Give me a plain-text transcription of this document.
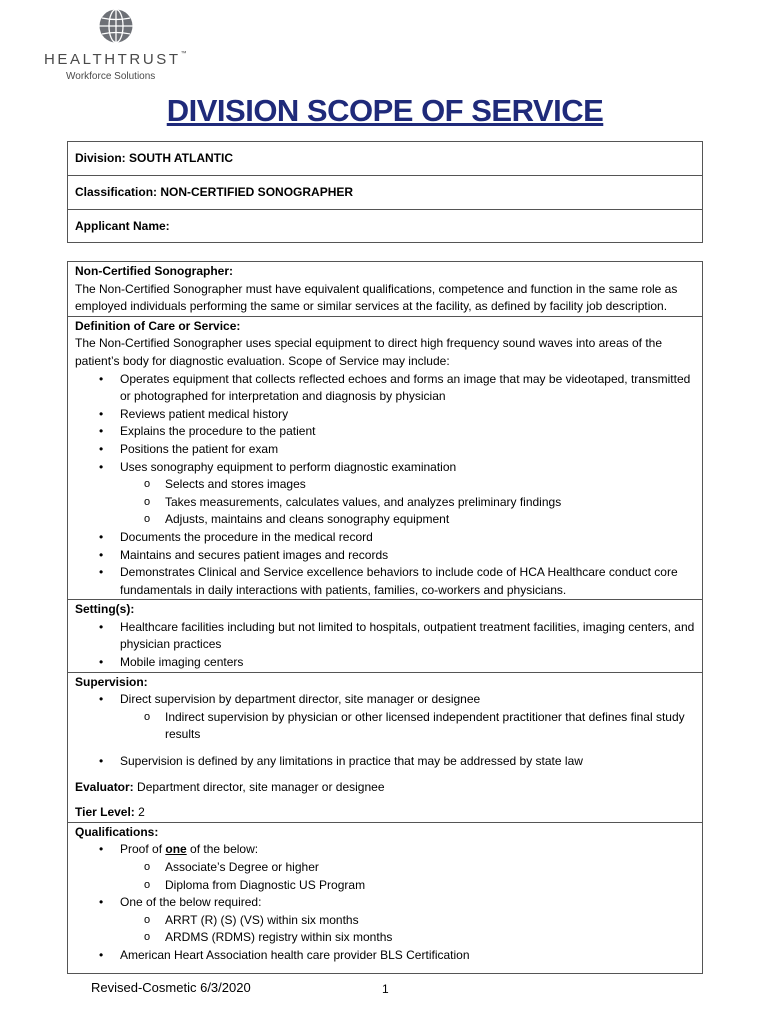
HEALTHTRUST™
Workforce Solutions
DIVISION SCOPE OF SERVICE
Division: SOUTH ATLANTIC
Classification: NON-CERTIFIED SONOGRAPHER
Applicant Name:
Non-Certified Sonographer:

The Non-Certified Sonographer must have equivalent qualifications, competence and function in the same role as employed individuals performing the same or similar services at the facility, as defined by facility job description.

Definition of Care or Service:

The Non-Certified Sonographer uses special equipment to direct high frequency sound waves into areas of the patient’s body for diagnostic evaluation. Scope of Service may include:

• Operates equipment that collects reflected echoes and forms an image that may be videotaped, transmitted or photographed for interpretation and diagnosis by physician
• Reviews patient medical history
• Explains the procedure to the patient
• Positions the patient for exam
• Uses sonography equipment to perform diagnostic examination
o Selects and stores images
o Takes measurements, calculates values, and analyzes preliminary findings
o Adjusts, maintains and cleans sonography equipment
• Documents the procedure in the medical record
• Maintains and secures patient images and records
• Demonstrates Clinical and Service excellence behaviors to include code of HCA Healthcare conduct core fundamentals in daily interactions with patients, families, co-workers and physicians.
Setting(s):
• Healthcare facilities including but not limited to hospitals, outpatient treatment facilities, imaging centers, and physician practices
• Mobile imaging centers
Supervision:
• Direct supervision by department director, site manager or designee
o Indirect supervision by physician or other licensed independent practitioner that defines final study results
• Supervision is defined by any limitations in practice that may be addressed by state law
Evaluator: Department director, site manager or designee
Tier Level: 2
Qualifications:
• Proof of one of the below:
o Associate’s Degree or higher
o Diploma from Diagnostic US Program
• One of the below required:
o ARRT (R) (S) (VS) within six months
o ARDMS (RDMS) registry within six months
• American Heart Association health care provider BLS Certification
Revised-Cosmetic 6/3/2020	1
